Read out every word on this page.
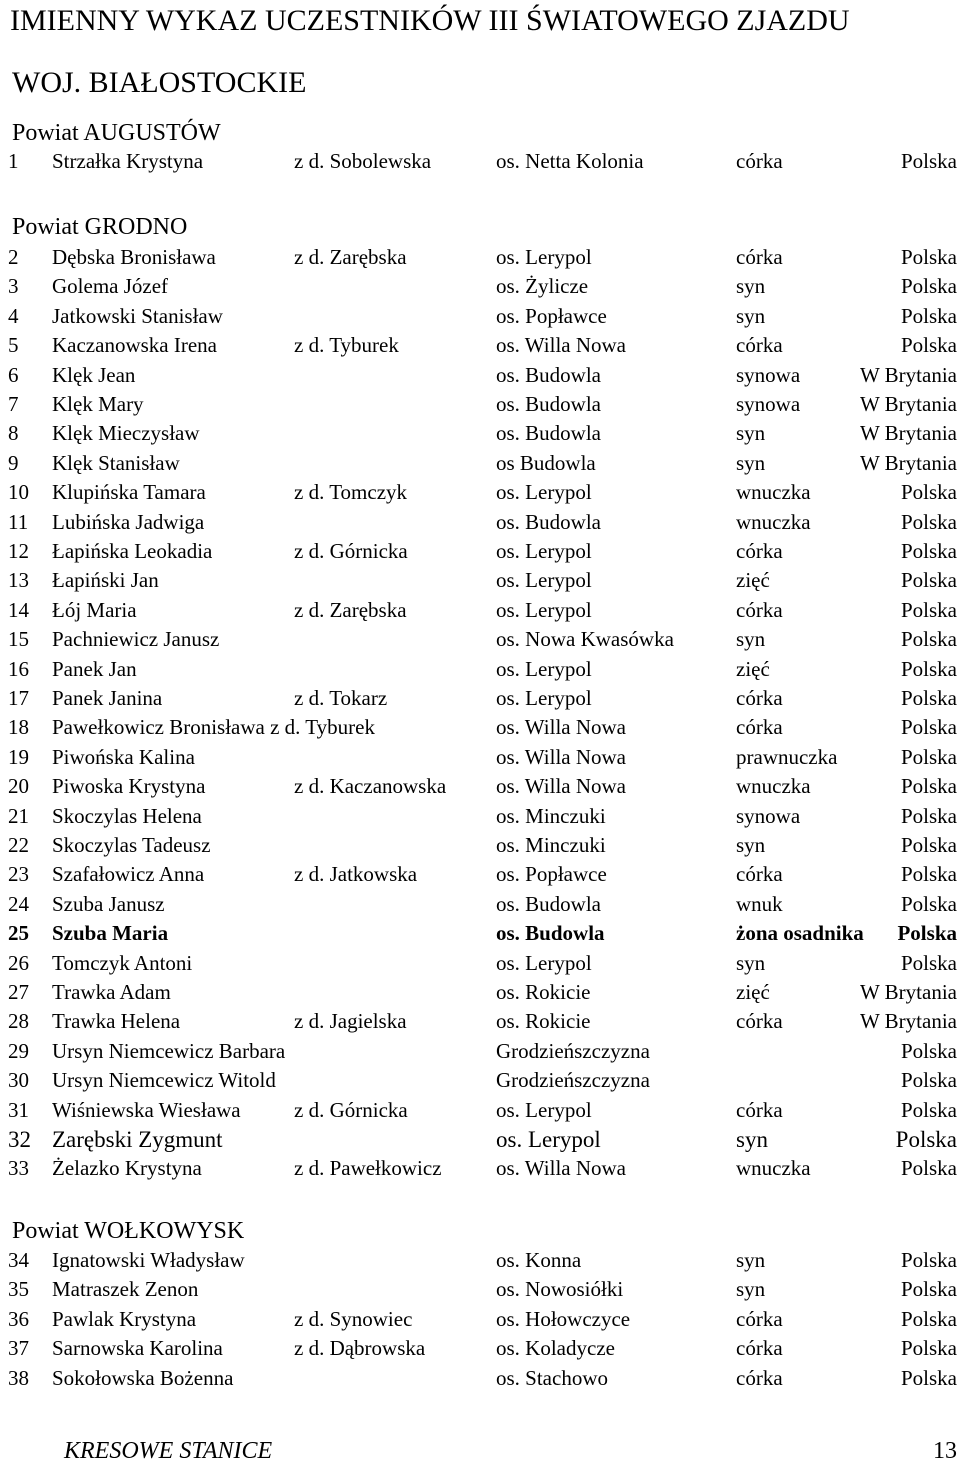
IMIENNY WYKAZ UCZESTNIKÓW III ŚWIATOWEGO ZJAZDU
WOJ. BIAŁOSTOCKIE
Powiat AUGUSTÓW
1 Strzałka Krystyna	z d. Sobolewska	os. Netta Kolonia	córka	Polska
Powiat GRODNO
2 Dębska Bronisława	z d. Zarębska	os. Lerypol	córka	Polska
3 Golema Józef	os. Żylicze	syn	Polska
4 Jatkowski Stanisław	os. Popławce	syn	Polska
5 Kaczanowska Irena	z d. Tyburek	os. Willa Nowa	córka	Polska
6 Klęk Jean	os. Budowla	synowa	W Brytania
7 Klęk Mary	os. Budowla	synowa	W Brytania
8 Klęk Mieczysław	os. Budowla	syn	W Brytania
9 Klęk Stanisław	os Budowla	syn	W Brytania
10 Klupińska Tamara	z d. Tomczyk	os. Lerypol	wnuczka	Polska
11 Lubińska Jadwiga	os. Budowla	wnuczka	Polska
12 Łapińska Leokadia	z d. Górnicka	os. Lerypol	córka	Polska
13 Łapiński Jan	os. Lerypol	zięć	Polska
14 Łój Maria	z d. Zarębska	os. Lerypol	córka	Polska
15 Pachniewicz Janusz	os. Nowa Kwasówka	syn	Polska
16 Panek Jan	os. Lerypol	zięć	Polska
17 Panek Janina	z d. Tokarz	os. Lerypol	córka	Polska
18 Pawełkowicz Bronisława z d. Tyburek	os. Willa Nowa	córka	Polska
19 Piwońska Kalina	os. Willa Nowa	prawnuczka	Polska
20 Piwoska Krystyna	z d. Kaczanowska os. Willa Nowa	wnuczka	Polska
21 Skoczylas Helena	os. Minczuki	synowa	Polska
22 Skoczylas Tadeusz	os. Minczuki	syn	Polska
23 Szafałowicz Anna	z d. Jatkowska	os. Popławce	córka	Polska
24 Szuba Janusz	os. Budowla	wnuk	Polska
25 Szuba Maria	os. Budowla	żona osadnika Polska
26 Tomczyk Antoni	os. Lerypol	syn	Polska
27 Trawka Adam	os. Rokicie	zięć	W Brytania
28 Trawka Helena	z d. Jagielska	os. Rokicie	córka	W Brytania
29 Ursyn Niemcewicz Barbara	Grodzieńszczyzna	Polska
30 Ursyn Niemcewicz Witold	Grodzieńszczyzna	Polska
31 Wiśniewska Wiesława	z d. Górnicka	os. Lerypol	córka	Polska
32 Zarębski Zygmunt	os. Lerypol	syn	Polska
33 Żelazko Krystyna	z d. Pawełkowicz	os. Willa Nowa	wnuczka	Polska
Powiat WOŁKOWYSK
34 Ignatowski Władysław	os. Konna	syn	Polska
35 Matraszek Zenon	os. Nowosiółki	syn	Polska
36 Pawlak Krystyna	z d. Synowiec	os. Hołowczyce	córka	Polska
37 Sarnowska Karolina	z d. Dąbrowska	os. Koladycze	córka	Polska
38 Sokołowska Bożenna	os. Stachowo	córka	Polska
KRESOWE STANICE	13
